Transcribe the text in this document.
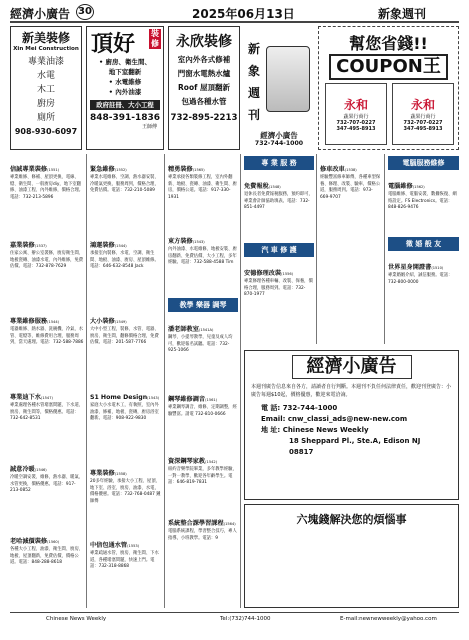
經濟小廣告 30	2025年06月13日	新象週刊
新美裝修
Xin Mei Construction
專業油漆
水電
木工
廚房
廁所
908-930-6097
頂好 裝修
• 廚房、衛生間、
地下室翻新
• 水電維修
• 內外油漆
政府註冊、大小工程
848-391-1836
王師傅
永欣裝修
室內外各式修補
門窗水電熱水爐
Roof 屋頂翻新
包過各種水管
732-895-2213
新
象
週
刊
經濟小廣告
732-744-1000
幫您省錢!!
COUPON王
永和
蔬果行商行
732-707-0227
347-495-8913
永和
蔬果行商行
732-707-0227
347-495-8913
信誠專業裝修(1551)
專業維修、修補、屋頂更換、電線、燈、衛生間、一般廚房diy，地下室翻修、油漆工程、內外維修，價格合理。電話：732-213-5896
嘉業裝修(1537)
住家公寓、辦公室裝修，廚房衛生間、地板瓷磚、油漆水電、內外維修，免費估價。電話：732-878-7629
專業維修服務(1544)
電器維修、熱水器、洗碗機、冷氣、水管、電燈等，維修費用合理，服務周到，當天處理。電話：732-588-7886
專業迪下水(1547)
專業處理各種水管堵塞問題，下水道、廚房、衛生間等，價格優惠。電話：732-642-8531
誠意冷暖(1546)
冷暖空調安裝、維修，熱水器、暖氣、水管更換，價格優惠。電話：917-213-0852
老哈減價裝修(1560)
各種大小工程、油漆、衛生間、廚房、地板、屋頂翻新，免費估價，價格公道。電話：848-288-8618
緊急維修(1552)
專業水電維修、空調、熱水器安裝、冷暖氣更換，服務周到，價格合理，免費估價。電話：732-210-5089
鴻運裝修(1544)
承接室內裝修、水電、空調、衛生間、地板、油漆、廚房、屋頂維修。電話：646-632-8548 Jack
大小裝修(1549)
大中小型工程，裝修、水管、電器、廚房、衛生間，翻修價格合理，免費估價。電話：201-587-7766
S1 Home Design(1543)
家庭大小水電木工，有執照，室內外油漆、修補，地板、瓷磚，廚房浴室翻新。電話：908-922-9830
專業裝修(1558)
20多年經驗，承接大小工程、屋頂、地下室、浴室、廚房、油漆、水電，價格優惠。電話：732-768-0487 鍾師傅
中信包通水管(1553)
專業疏通水管，廚房、衛生間、下水道，各種堵塞問題，快速上門。電話：732-318-8868
精勇裝修(1565)
專業承接各類裝修工程，室內外翻新、地板、瓷磚、油漆、衛生間、廚房，價格公道。電話：917-330-1931
東方裝修(1543)
內外油漆、水電維修、地板安裝、廚房翻新、免費估價、大小工程，多年經驗。電話：732-588-4588 Tim
教學 樂器 調琴
潘老師教室(1541A)
鋼琴、小提琴教學，兒童及成人均可，歡迎報名試聽。電話：732-925-1066
鋼琴維修調音(1561)
專業鋼琴調音、維修、定期調整，經驗豐富。請電 732-810-0666
資深鋼琴家教(1542)
紐約音樂學院畢業，多年教學經驗，一對一教學，歡迎各年齡學生。電話：646-819-7831
系統整合課學習課程(1564)
電腦系統課程，學習整合技巧，專人指導，小班教學。電話：9
專 業 服 務
免費報稅(1548)
退休長者免費報稅服務，預約即可，專業會計師協助填表。電話：732-851-4497
汽 車 修 護
安德修理改裝(1556)
專業修理各種車輛、改裝、保養，價格合理，服務周到。電話：732-870-1977
修車改車(1538)
經驗豐富修車師傅，各種車型保養、修理、改裝、驗車，價格公道，服務周到。電話：973-669-9707
電腦服務維修
電腦維修(1562)
電腦維修、電腦安裝、數據恢復、網絡設定。FS Electronics。電話：848-826-9476
徵 婚 般 友
世界星身開證書(1510)
專業婚姻介紹，誠信服務。電話：732-800-0000
經濟小廣告
本週刊廣告信息來自各方，請讀者自行判斷。本週刊不負任何法律責任，歡迎刊登廣告：小廣告每週$10起，價格優惠，歡迎來電洽詢。
電 話: 732-744-1000
Email: cnw_classi_ads@new-new.com
地 址: Chinese News Weekly
18 Sheppard Pl., Ste.A, Edison NJ 08817
六塊錢解決您的煩惱事
Chinese News Weekly	Tel:(732)744-1000	E-mail:newnewweekly@yahoo.com
